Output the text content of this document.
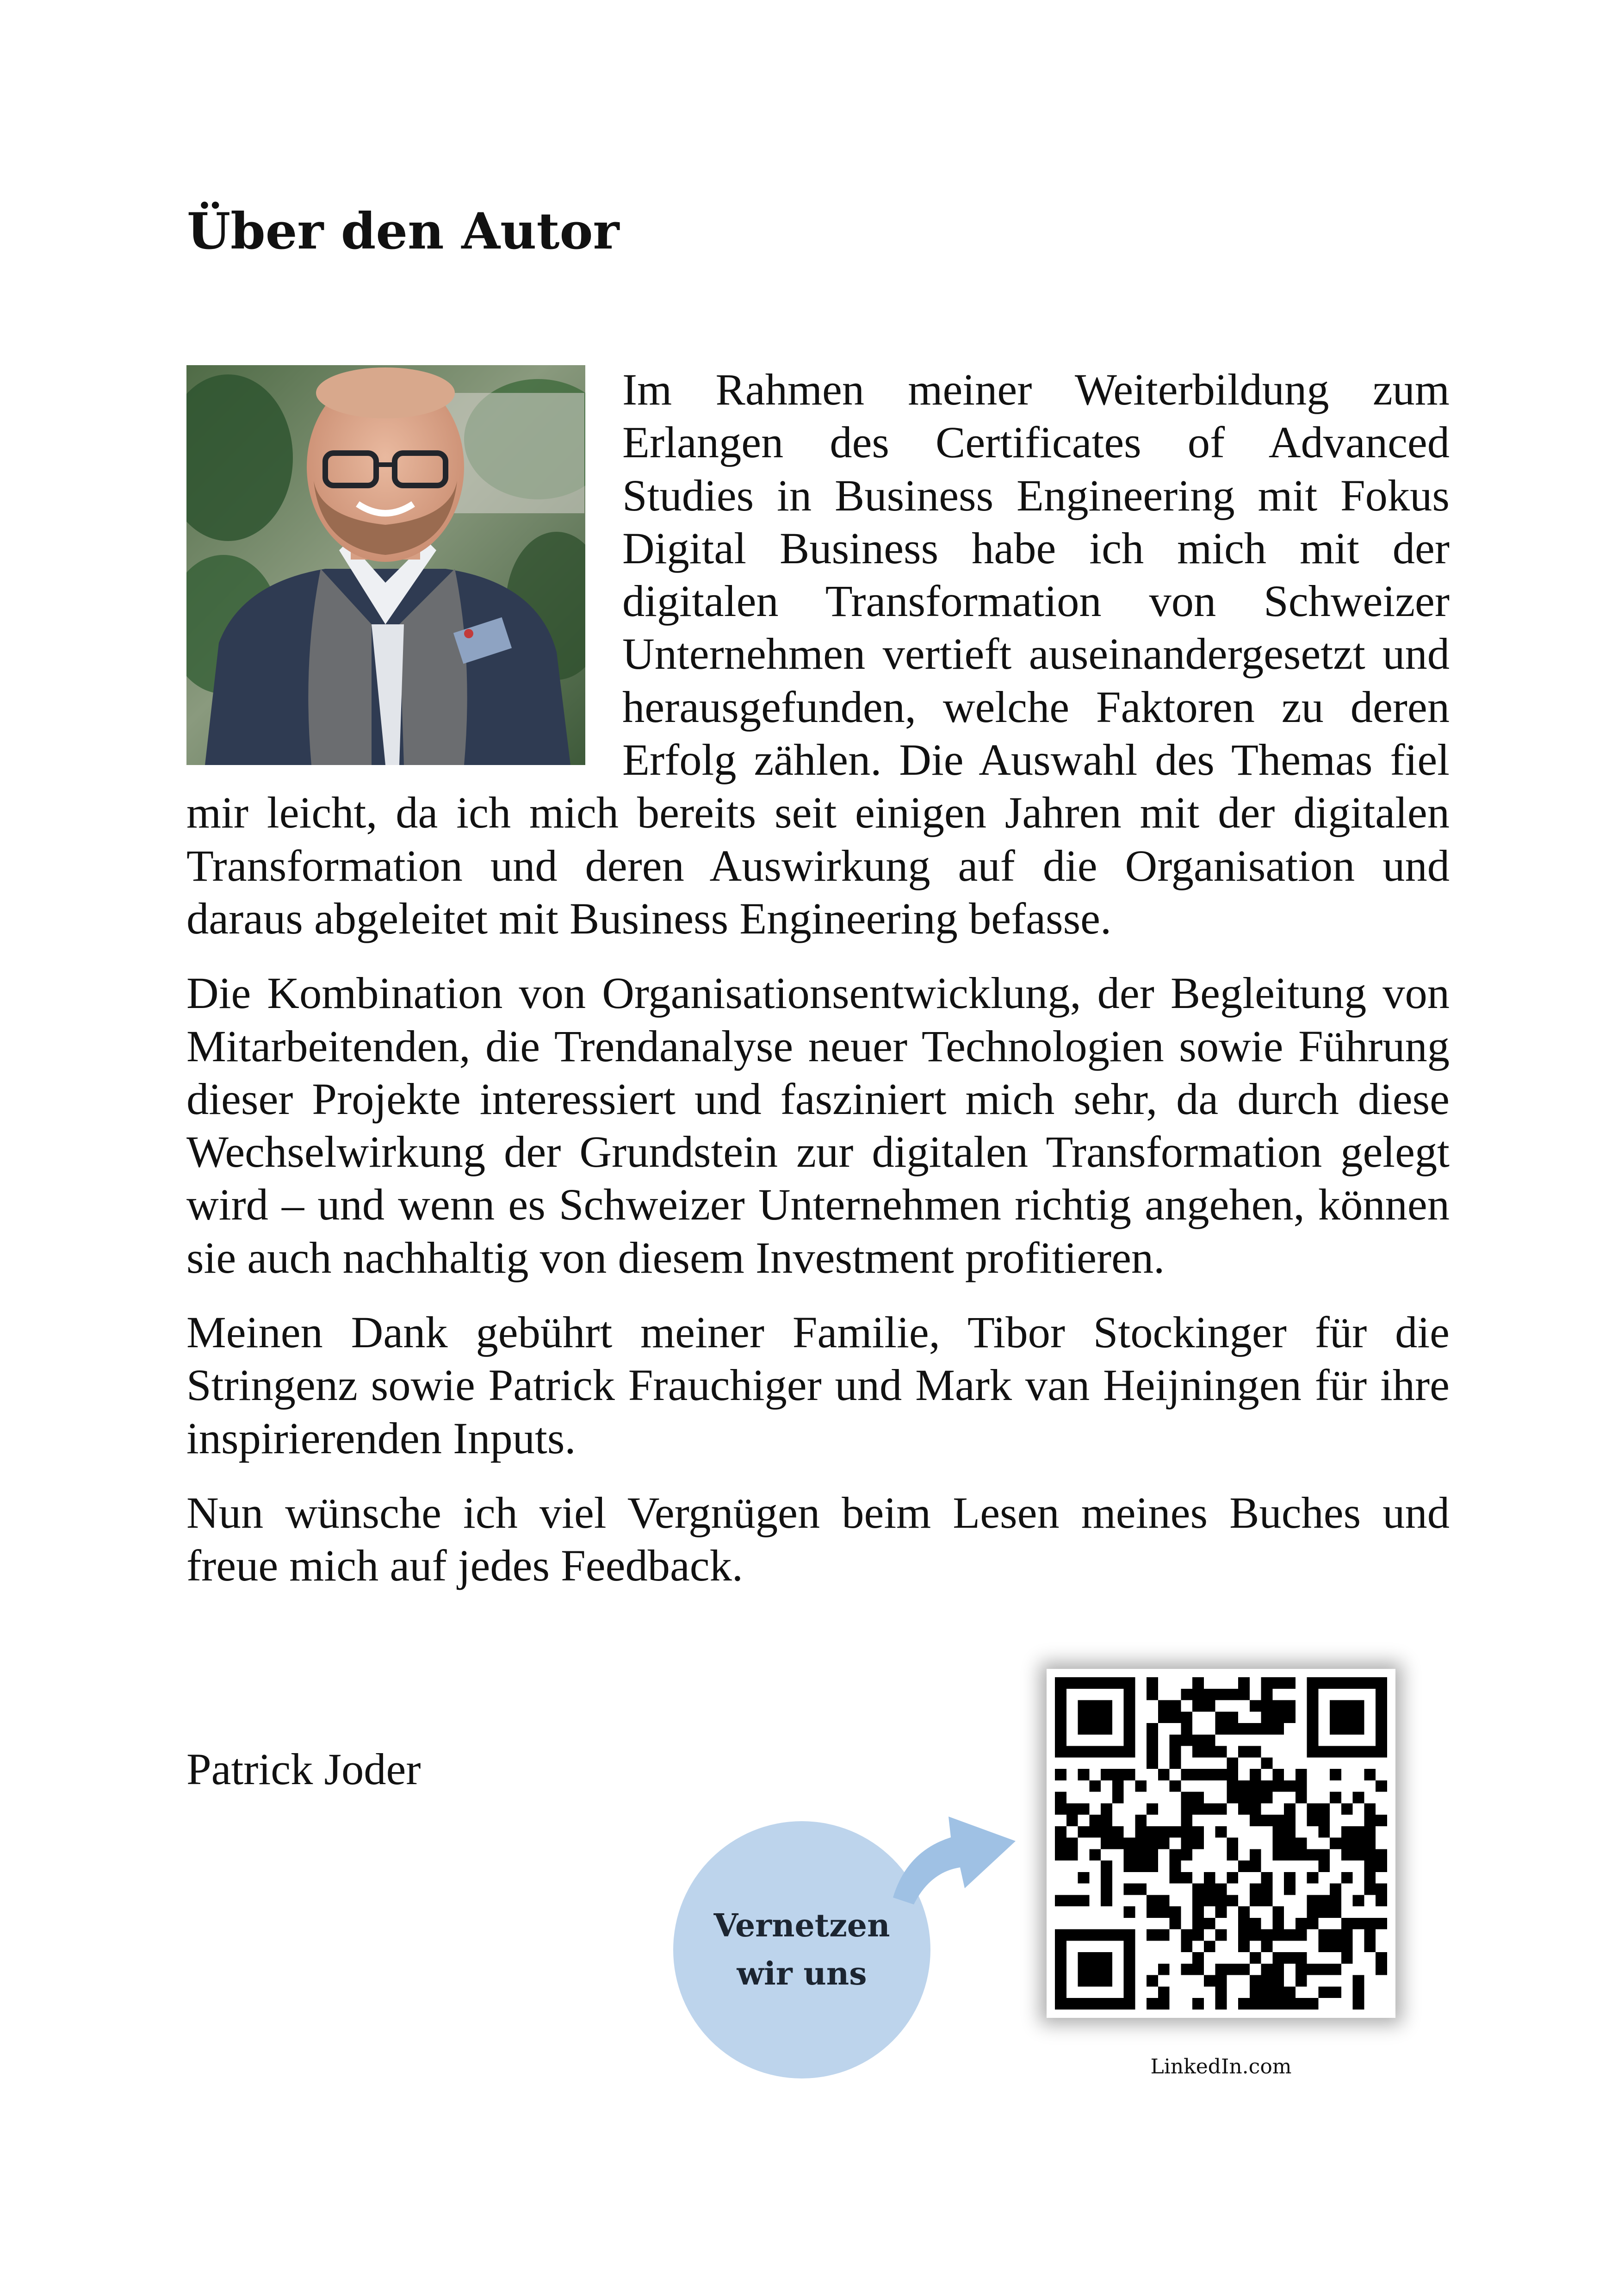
Über den Autor

Im Rahmen meiner Weiterbildung zum Erlangen des Certificates of Advanced Studies in Business Engineering mit Fokus Digital Business habe ich mich mit der digitalen Transformation von Schweizer Unternehmen vertieft auseinandergesetzt und herausgefunden, welche Faktoren zu deren Erfolg zählen. Die Auswahl des Themas fiel mir leicht, da ich mich bereits seit einigen Jahren mit der digitalen Transformation und deren Auswirkung auf die Organisation und daraus abgeleitet mit Business Engineering befasse.

Die Kombination von Organisationsentwicklung, der Begleitung von Mitarbeitenden, die Trendanalyse neuer Technologien sowie Führung dieser Projekte interessiert und fasziniert mich sehr, da durch diese Wechselwirkung der Grundstein zur digitalen Transformation gelegt wird – und wenn es Schweizer Unternehmen richtig angehen, können sie auch nachhaltig von diesem Investment profitieren.

Meinen Dank gebührt meiner Familie, Tibor Stockinger für die Stringenz sowie Patrick Frauchiger und Mark van Heijningen für ihre inspirierenden Inputs.

Nun wünsche ich viel Vergnügen beim Lesen meines Buches und freue mich auf jedes Feedback.

Patrick Joder
Vernetzen
wir uns
LinkedIn.com
